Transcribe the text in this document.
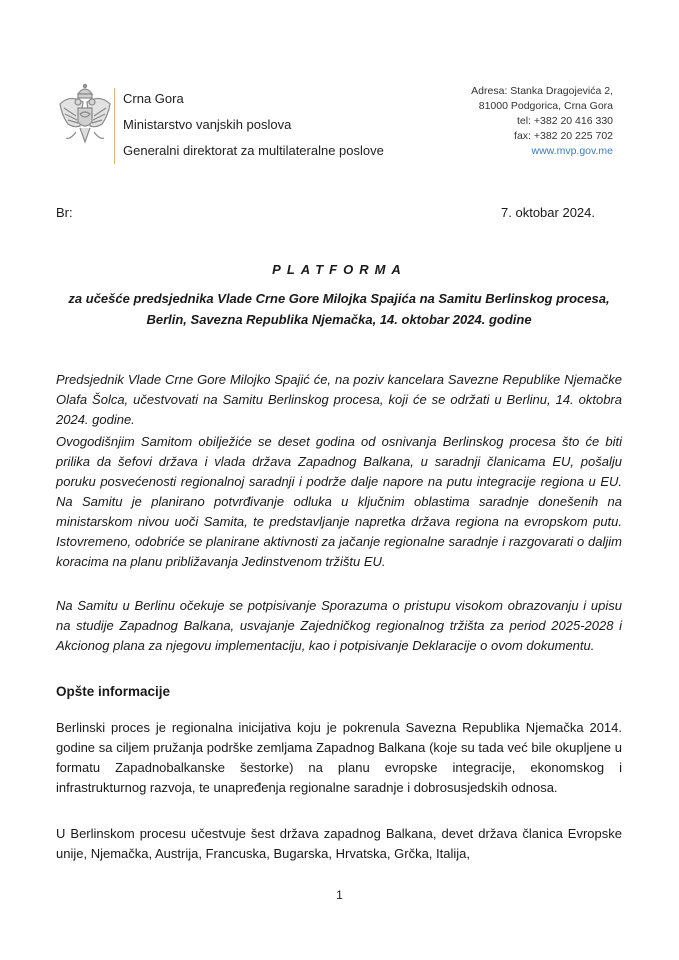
Crna Gora
Ministarstvo vanjskih poslova
Generalni direktorat za multilateralne poslove
Adresa: Stanka Dragojevića 2,
81000 Podgorica, Crna Gora
tel: +382 20 416 330
fax: +382 20 225 702
www.mvp.gov.me
Br:	7. oktobar 2024.
PLATFORMA
za učešće predsjednika Vlade Crne Gore Milojka Spajića na Samitu Berlinskog procesa, Berlin, Savezna Republika Njemačka, 14. oktobar 2024. godine
Predsjednik Vlade Crne Gore Milojko Spajić će, na poziv kancelara Savezne Republike Njemačke Olafa Šolca, učestvovati na Samitu Berlinskog procesa, koji će se održati u Berlinu, 14. oktobra 2024. godine.
Ovogodišnjim Samitom obilježiće se deset godina od osnivanja Berlinskog procesa što će biti prilika da šefovi država i vlada država Zapadnog Balkana, u saradnji članicama EU, pošalju poruku posvećenosti regionalnoj saradnji i podrže dalje napore na putu integracije regiona u EU. Na Samitu je planirano potvrđivanje odluka u ključnim oblastima saradnje donešenih na ministarskom nivou uoči Samita, te predstavljanje napretka država regiona na evropskom putu. Istovremeno, odobriće se planirane aktivnosti za jačanje regionalne saradnje i razgovarati o daljim koracima na planu približavanja Jedinstvenom tržištu EU.
Na Samitu u Berlinu očekuje se potpisivanje Sporazuma o pristupu visokom obrazovanju i upisu na studije Zapadnog Balkana, usvajanje Zajedničkog regionalnog tržišta za period 2025-2028 i Akcionog plana za njegovu implementaciju, kao i potpisivanje Deklaracije o ovom dokumentu.
Opšte informacije
Berlinski proces je regionalna inicijativa koju je pokrenula Savezna Republika Njemačka 2014. godine sa ciljem pružanja podrške zemljama Zapadnog Balkana (koje su tada već bile okupljene u formatu Zapadnobalkanske šestorke) na planu evropske integracije, ekonomskog i infrastrukturnog razvoja, te unapređenja regionalne saradnje i dobrosusjedskih odnosa.
U Berlinskom procesu učestvuje šest država zapadnog Balkana, devet država članica Evropske unije, Njemačka, Austrija, Francuska, Bugarska, Hrvatska, Grčka, Italija,
1
